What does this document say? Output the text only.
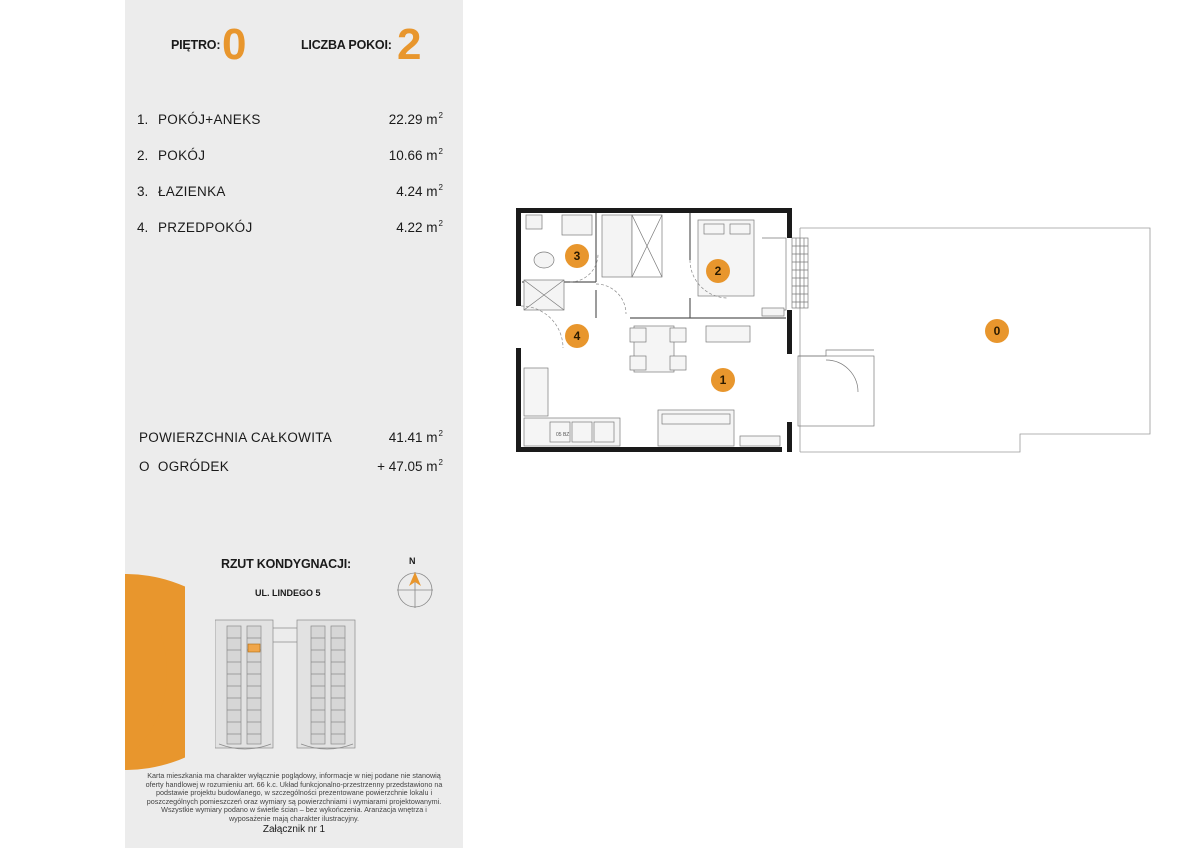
PIĘTRO: 0	LICZBA POKOI: 2
1. POKÓJ+ANEKS	22.29 $m^2$
2. POKÓJ	10.66 $m^2$
3. ŁAZIENKA	4.24 $m^2$
4. PRZEDPOKÓJ	4.22 $m^2$
POWIERZCHNIA CAŁKOWITA	41.41 $m^2$
O  OGRÓDEK	+ 47.05 $m^2$
RZUT KONDYGNACJI:
UL. LINDEGO 5
N
Karta mieszkania ma charakter wyłącznie poglądowy, informacje w niej podane nie stanowią oferty handlowej w rozumieniu art. 66 k.c. Układ funkcjonalno-przestrzenny przedstawiono na podstawie projektu budowlanego, w szczególności prezentowane powierzchnie lokalu i poszczególnych pomieszczeń oraz wymiary są powierzchniami i wymiarami projektowanymi. Wszystkie wymiary podano w świetle ścian – bez wykończenia. Aranżacja wnętrza i wyposażenie mają charakter ilustracyjny.
Załącznik nr 1
05 BZ
3
2
4
1
0
